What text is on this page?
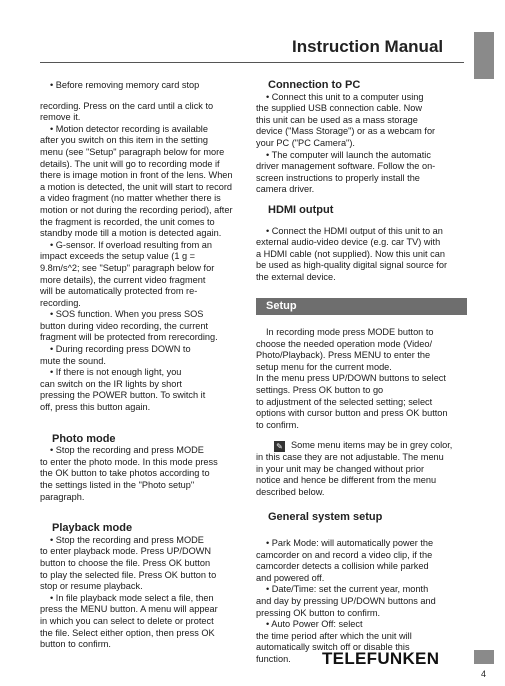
Instruction Manual

• Before removing memory card stop

recording. Press on the card until a click to

remove it.

• Motion detector recording is available

after you switch on this item in the setting

menu (see "Setup" paragraph below for more

details). The unit will go to recording mode if

there is image motion in front of the lens. When

a motion is detected, the unit will start to record

a video fragment (no matter whether there is

motion or not during the recording period), after

the fragment is recorded, the unit comes to

standby mode till a motion is detected again.

• G-sensor. If overload resulting from an

impact exceeds the setup value (1 g =

9.8m/s^2; see "Setup" paragraph below for

more details), the current video fragment

will be automatically protected from re-

recording.

• SOS function. When you press SOS

button during video recording, the current

fragment will be protected from rerecording.

• During recording press DOWN to

mute the sound.

• If there is not enough light, you

can switch on the IR lights by short

pressing the POWER button. To switch it

off, press this button again.

Photo mode

• Stop the recording and press MODE

to enter the photo mode. In this mode press

the OK button to take photos according to

the settings listed in the "Photo setup"

paragraph.

Playback mode

• Stop the recording and press MODE

to enter playback mode. Press UP/DOWN

button to choose the file. Press OK button

to play the selected file. Press OK button to

stop or resume playback.

• In file playback mode select a file, then

press the MENU button. A menu will appear

in which you can select to delete or protect

the file. Select either option, then press OK

button to confirm.

Connection to PC

• Connect this unit to a computer using

the supplied USB connection cable. Now

this unit can be used as a mass storage

device ("Mass Storage") or as a webcam for

your PC ("PC Camera").

• The computer will launch the automatic

driver management software. Follow the on-

screen instructions to properly install the

camera driver.

HDMI output

• Connect the HDMI output of this unit to an

external audio-video device (e.g. car TV) with

a HDMI cable (not supplied). Now this unit can

be used as high-quality digital signal source for

the external device.

Setup

In recording mode press MODE button to

choose the needed operation mode (Video/

Photo/Playback). Press MENU to enter the

setup menu for the current mode.

In the menu press UP/DOWN buttons to select

settings. Press OK button to go

to adjustment of the selected setting; select

options with cursor button and press OK button

to confirm.

✎ Some menu items may be in grey color,

in this case they are not adjustable. The menu

in your unit may be changed without prior

notice and hence be different from the menu

described below.

General system setup

• Park Mode: will automatically power the

camcorder on and record a video clip, if the

camcorder detects a collision while parked

and powered off.

• Date/Time: set the current year, month

and day by pressing UP/DOWN buttons and

pressing OK button to confirm.

• Auto Power Off: select

the time period after which the unit will

automatically switch off or disable this

function.	TELEFUNKEN
4
